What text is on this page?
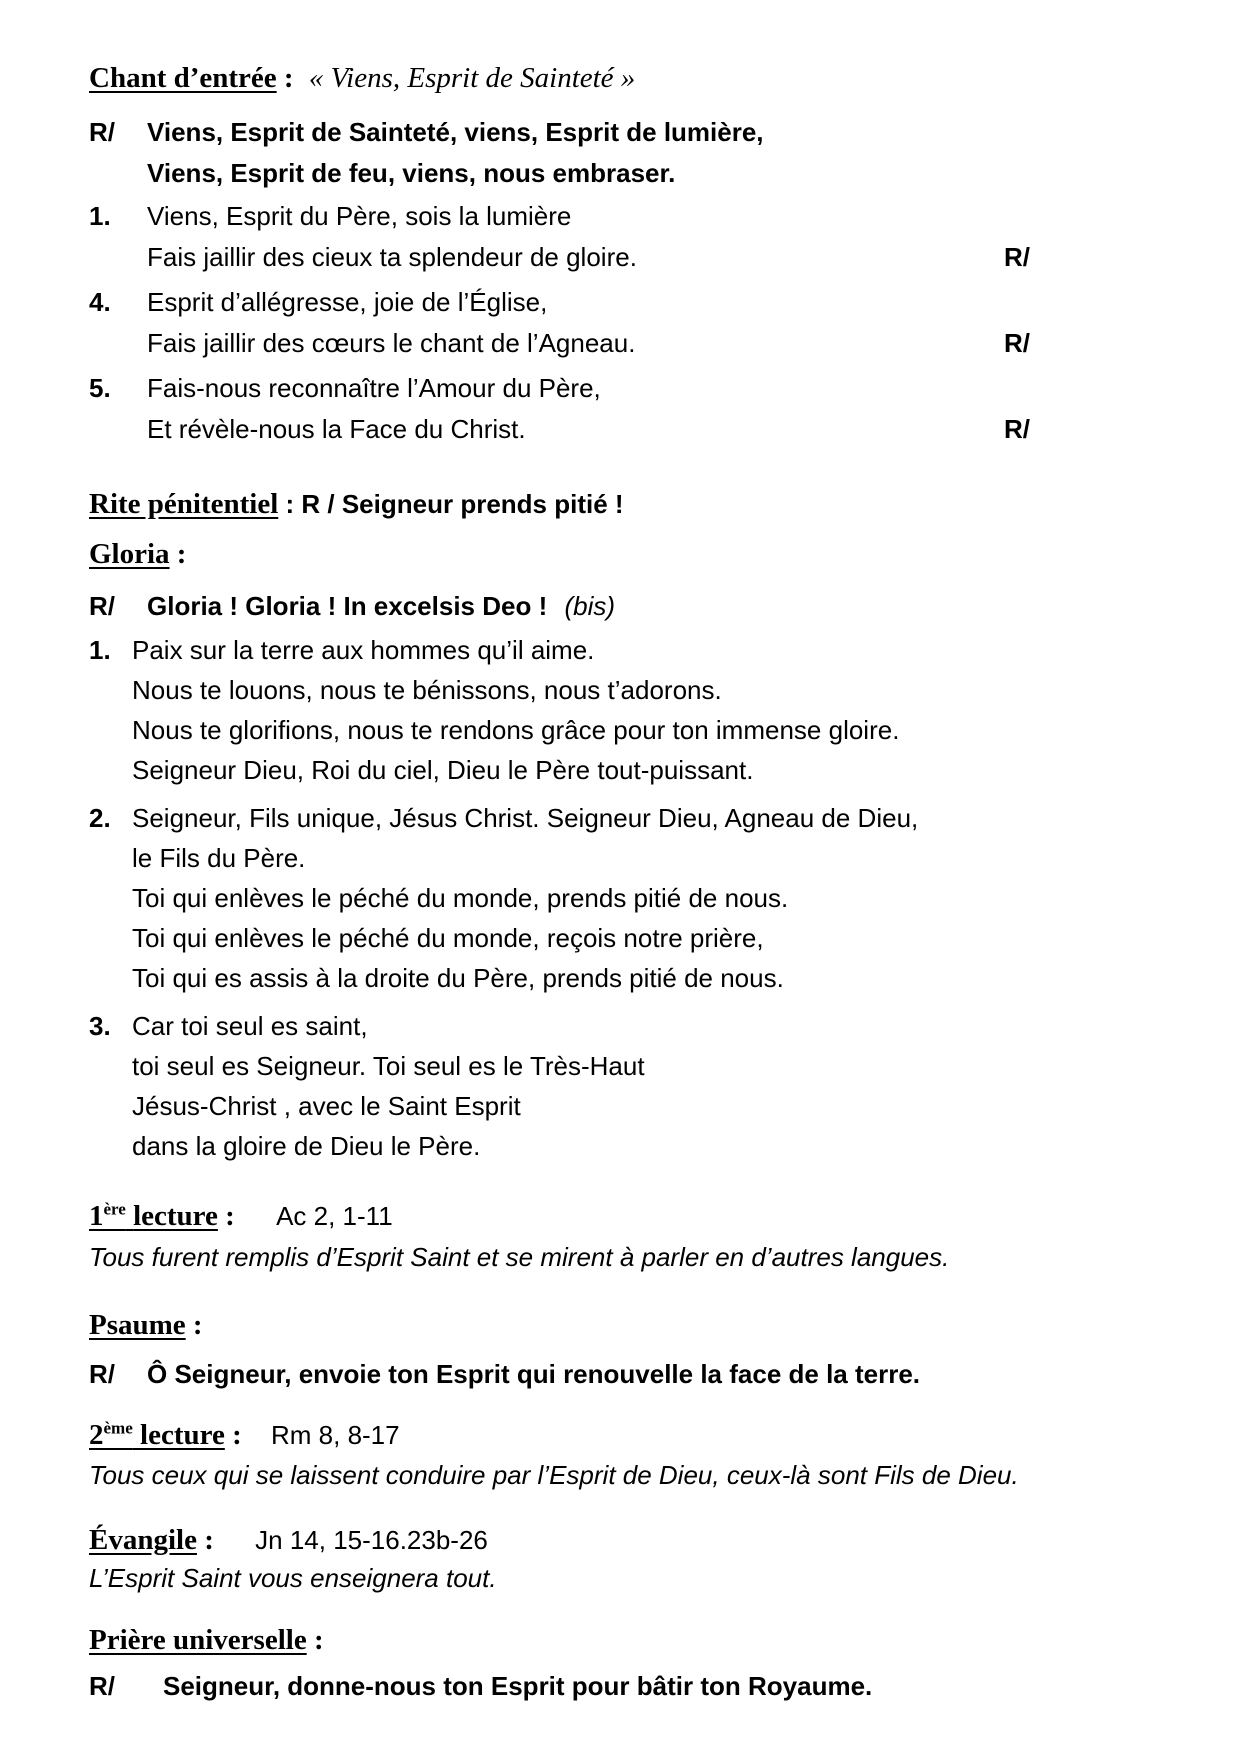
Chant d’entrée : « Viens, Esprit de Sainteté »
R/	Viens, Esprit de Sainteté, viens, Esprit de lumière,
Viens, Esprit de feu, viens, nous embraser.
1.	Viens, Esprit du Père, sois la lumière
Fais jaillir des cieux ta splendeur de gloire.	R/
4.	Esprit d’allégresse, joie de l’Église,
Fais jaillir des cœurs le chant de l’Agneau.	R/
5.	Fais-nous reconnaître l’Amour du Père,
Et révèle-nous la Face du Christ.	R/
Rite pénitentiel : R / Seigneur prends pitié !
Gloria :
R/	Gloria ! Gloria ! In excelsis Deo ! (bis)
1. Paix sur la terre aux hommes qu’il aime.
Nous te louons, nous te bénissons, nous t’adorons.
Nous te glorifions, nous te rendons grâce pour ton immense gloire.
Seigneur Dieu, Roi du ciel, Dieu le Père tout-puissant.
2. Seigneur, Fils unique, Jésus Christ. Seigneur Dieu, Agneau de Dieu,
le Fils du Père.
Toi qui enlèves le péché du monde, prends pitié de nous.
Toi qui enlèves le péché du monde, reçois notre prière,
Toi qui es assis à la droite du Père, prends pitié de nous.
3. Car toi seul es saint,
toi seul es Seigneur. Toi seul es le Très-Haut
Jésus-Christ , avec le Saint Esprit
dans la gloire de Dieu le Père.
1ère lecture : Ac 2, 1-11
Tous furent remplis d’Esprit Saint et se mirent à parler en d’autres langues.
Psaume :
R/	Ô Seigneur, envoie ton Esprit qui renouvelle la face de la terre.
2ème lecture : Rm 8, 8-17
Tous ceux qui se laissent conduire par l’Esprit de Dieu, ceux-là sont Fils de Dieu.
Évangile : Jn 14, 15-16.23b-26
L’Esprit Saint vous enseignera tout.
Prière universelle :
R/	Seigneur, donne-nous ton Esprit pour bâtir ton Royaume.
